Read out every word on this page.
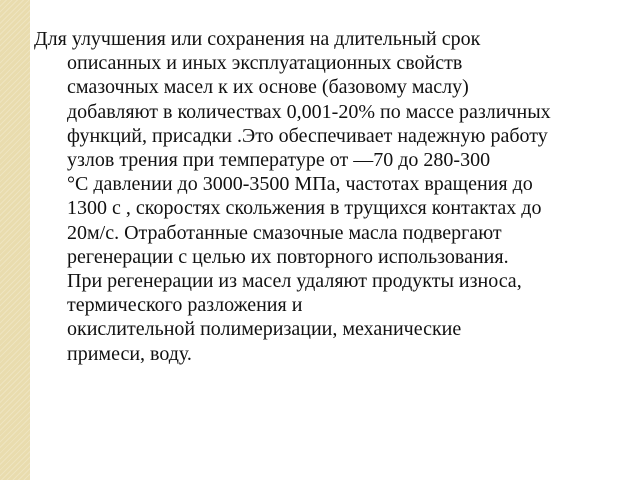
Для улучшения или сохранения на длительный срок
описанных и иных эксплуатационных свойств
смазочных масел к их основе (базовому маслу)
добавляют в количествах 0,001-20% по массе различных
функций, присадки .Это обеспечивает надежную работу
узлов трения при температуре от —70 до 280-300
°С давлении до 3000-3500 МПа, частотах вращения до
1300 с , скоростях скольжения в трущихся контактах до
20м/с. Отработанные смазочные масла подвергают
регенерации с целью их повторного использования.
При регенерации из масел удаляют продукты износа,
термического разложения и
окислительной полимеризации, механические
примеси, воду.
